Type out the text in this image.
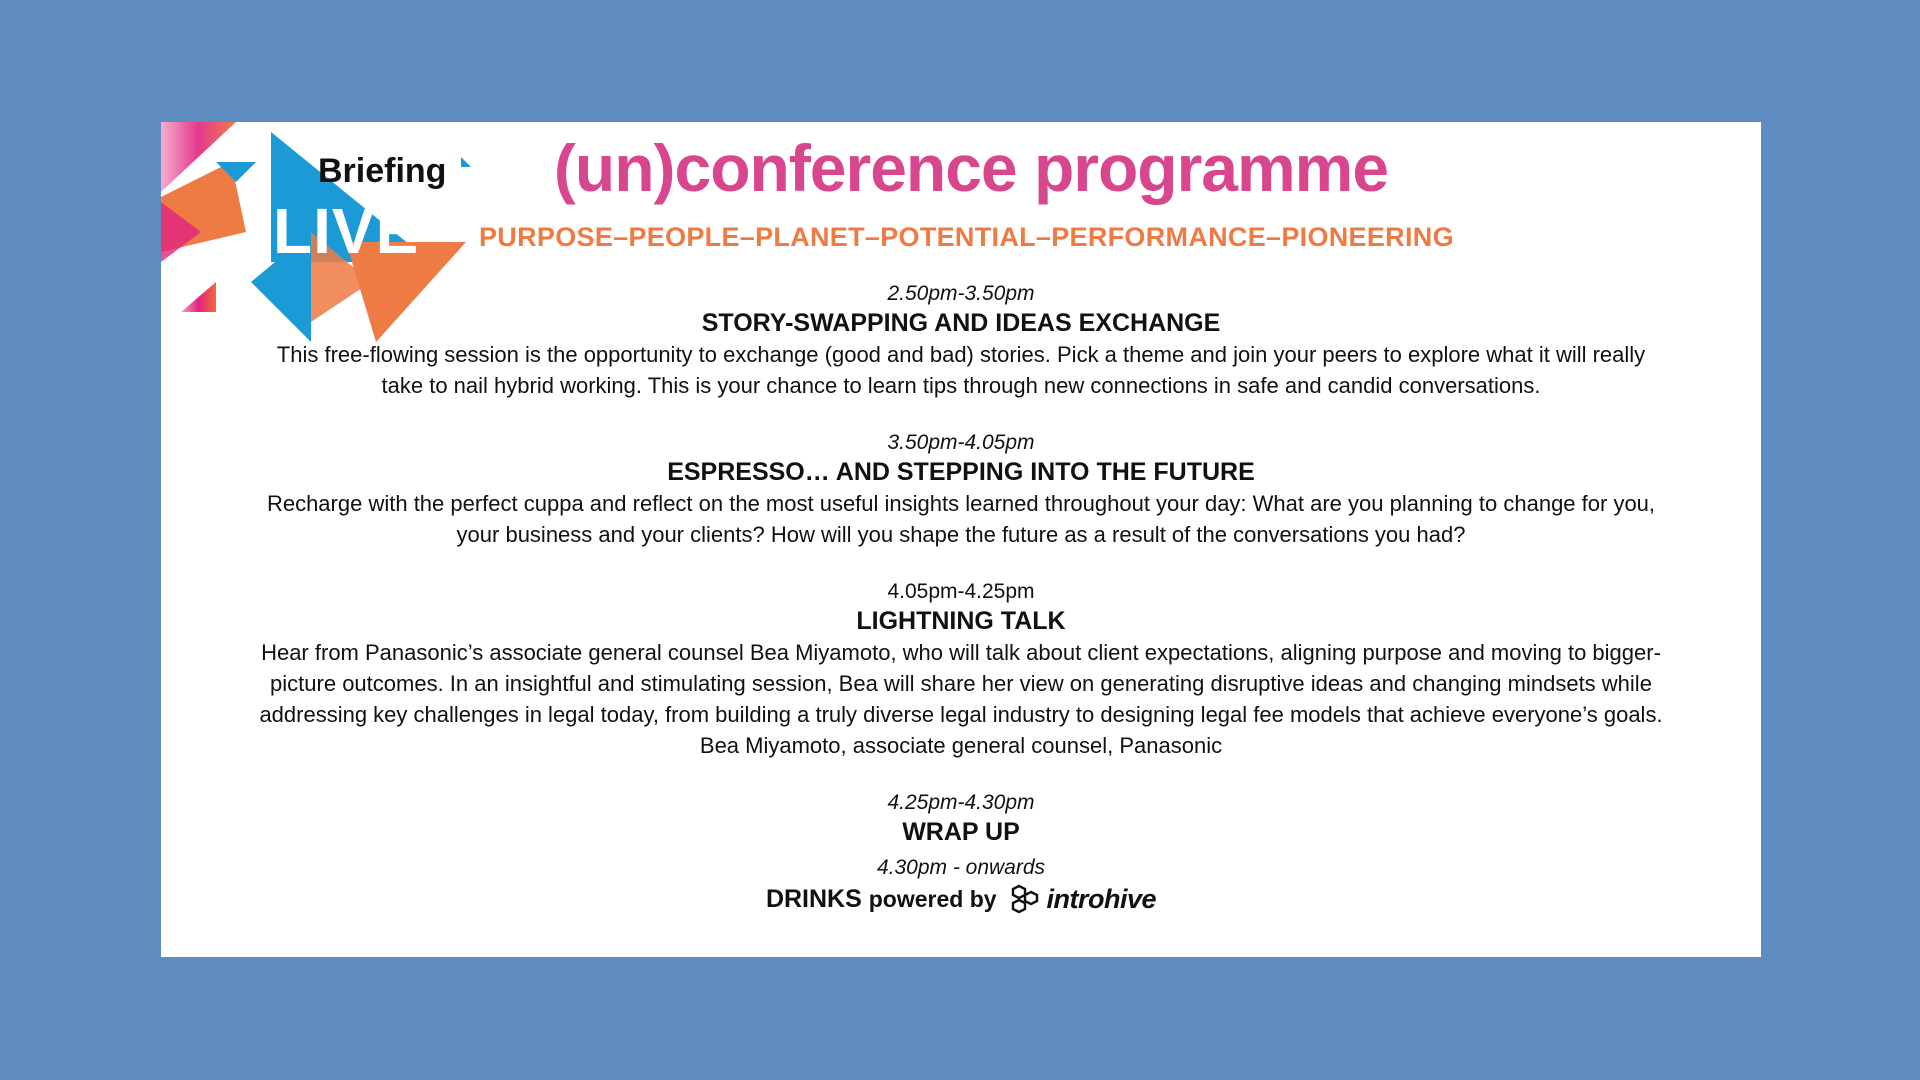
Briefing
LIVE
(un)conference programme
PURPOSE–PEOPLE–PLANET–POTENTIAL–PERFORMANCE–PIONEERING
2.50pm-3.50pm
STORY-SWAPPING AND IDEAS EXCHANGE
This free-flowing session is the opportunity to exchange (good and bad) stories. Pick a theme and join your peers to explore what it will really
take to nail hybrid working. This is your chance to learn tips through new connections in safe and candid conversations.
3.50pm-4.05pm
ESPRESSO… AND STEPPING INTO THE FUTURE
Recharge with the perfect cuppa and reflect on the most useful insights learned throughout your day: What are you planning to change for you,
your business and your clients? How will you shape the future as a result of the conversations you had?
4.05pm-4.25pm
LIGHTNING TALK
Hear from Panasonic’s associate general counsel Bea Miyamoto, who will talk about client expectations, aligning purpose and moving to bigger-
picture outcomes. In an insightful and stimulating session, Bea will share her view on generating disruptive ideas and changing mindsets while
addressing key challenges in legal today, from building a truly diverse legal industry to designing legal fee models that achieve everyone’s goals.
Bea Miyamoto, associate general counsel, Panasonic
4.25pm-4.30pm
WRAP UP
4.30pm - onwards
DRINKS powered by introhive
